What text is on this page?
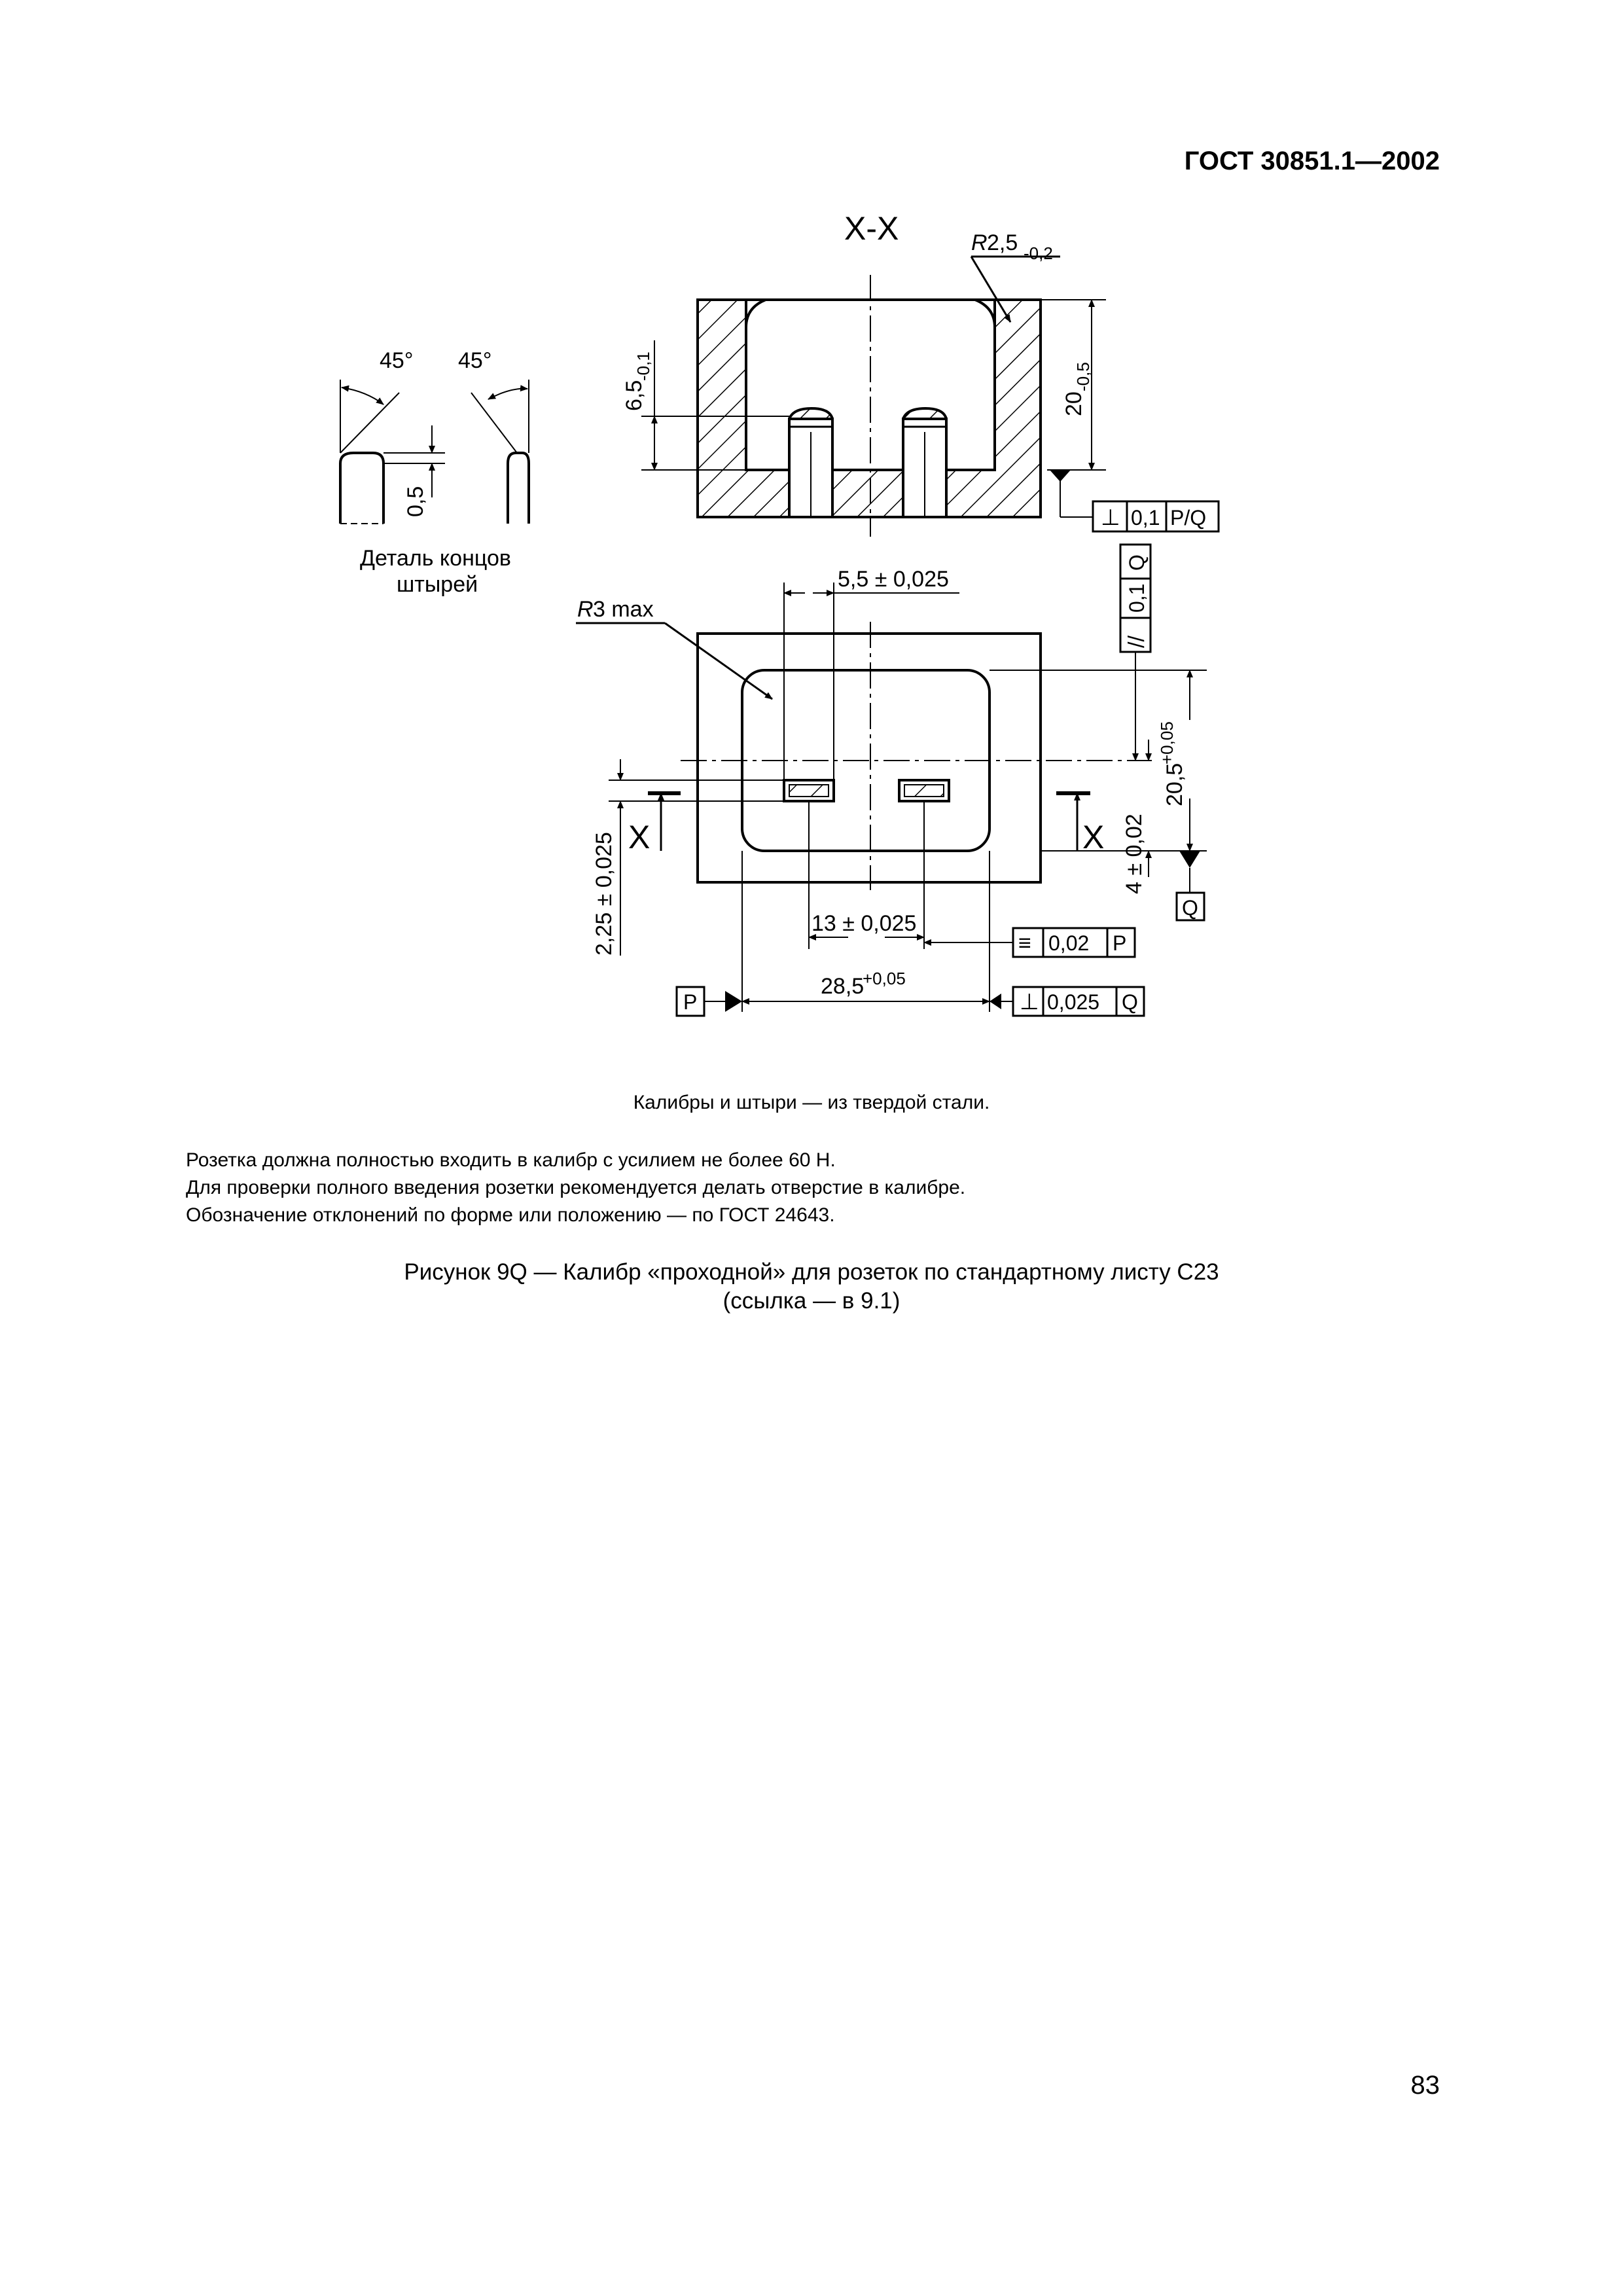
ГОСТ 30851.1—2002
X-X	R 2,5 -0,2
6,5
-0,1
20
-0,5
⊥ 0,1 P/Q
45° 45°
0,5
Деталь концов
штырей	5,5 ± 0,025
R 3 max
Q
0,1
//
20,5
+0,05
4 ± 0,02
Q
X	X
2,25 ± 0,025	13 ± 0,025
≡ 0,02 P
28,5
+0,05
P	⊥ 0,025 Q
Калибры и штыри — из твердой стали.
Розетка должна полностью входить в калибр с усилием не более 60 Н.
Для проверки полного введения розетки рекомендуется делать отверстие в калибре.
Обозначение отклонений по форме или положению — по ГОСТ 24643.
Рисунок 9Q — Калибр «проходной» для розеток по стандартному листу С23
(ссылка — в 9.1)
83
